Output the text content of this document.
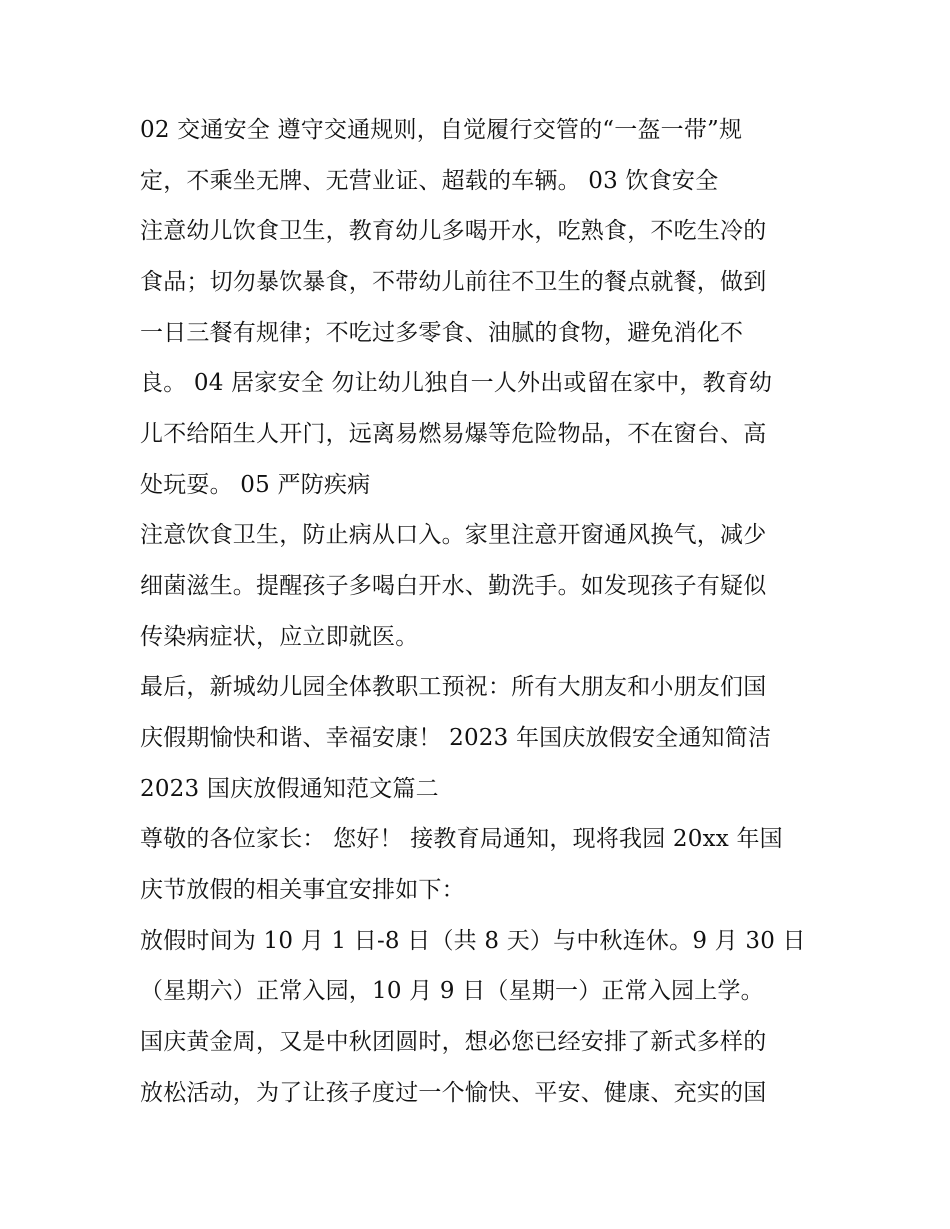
02 交通安全 遵守交通规则，自觉履行交管的“一盔一带”规
定，不乘坐无牌、无营业证、超载的车辆。 03 饮食安全
注意幼儿饮食卫生，教育幼儿多喝开水，吃熟食，不吃生冷的
食品；切勿暴饮暴食，不带幼儿前往不卫生的餐点就餐，做到
一日三餐有规律；不吃过多零食、油腻的食物，避免消化不
良。 04 居家安全 勿让幼儿独自一人外出或留在家中，教育幼
儿不给陌生人开门，远离易燃易爆等危险物品，不在窗台、高
处玩耍。 05 严防疾病
注意饮食卫生，防止病从口入。家里注意开窗通风换气，减少
细菌滋生。提醒孩子多喝白开水、勤洗手。如发现孩子有疑似
传染病症状，应立即就医。
最后，新城幼儿园全体教职工预祝：所有大朋友和小朋友们国
庆假期愉快和谐、幸福安康！ 2023 年国庆放假安全通知简洁
2023 国庆放假通知范文篇二
尊敬的各位家长： 您好！ 接教育局通知，现将我园 20xx 年国
庆节放假的相关事宜安排如下：
放假时间为 10 月 1 日-8 日（共 8 天）与中秋连休。9 月 30 日
（星期六）正常入园，10 月 9 日（星期一）正常入园上学。
国庆黄金周，又是中秋团圆时，想必您已经安排了新式多样的
放松活动，为了让孩子度过一个愉快、平安、健康、充实的国
